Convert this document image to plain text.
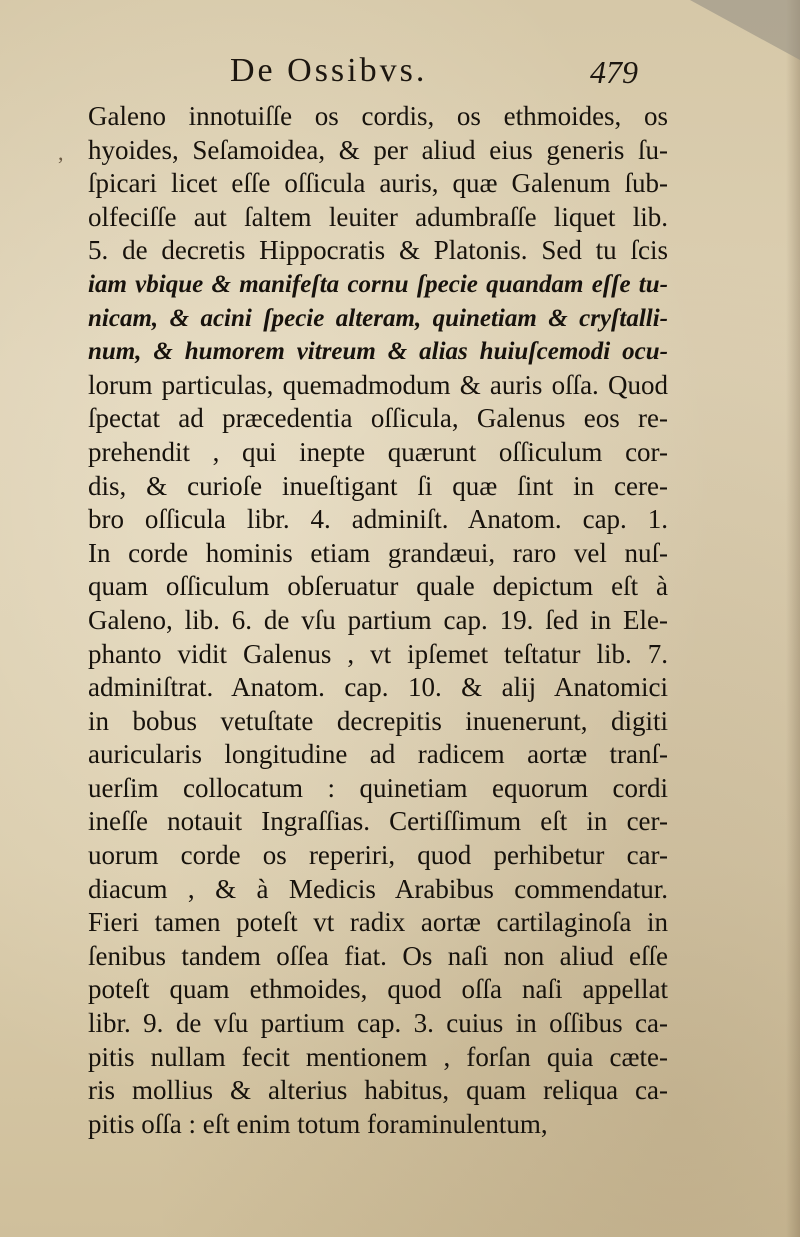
De Ossibvs.	479
,
Galeno innotuiſſe os cordis, os ethmoides, os
hyoides, Seſamoidea, & per aliud eius generis ſu-
ſpicari licet eſſe oſſicula auris, quæ Galenum ſub-
olfeciſſe aut ſaltem leuiter adumbraſſe liquet lib.
5. de decretis Hippocratis & Platonis. Sed tu ſcis
iam vbique & manifeſta cornu ſpecie quandam eſſe tu-
nicam, & acini ſpecie alteram, quinetiam & cryſtalli-
num, & humorem vitreum & alias huiuſcemodi ocu-
lorum particulas, quemadmodum & auris oſſa. Quod
ſpectat ad præcedentia oſſicula, Galenus eos re-
prehendit , qui inepte quærunt oſſiculum cor-
dis, & curioſe inueſtigant ſi quæ ſint in cere-
bro oſſicula libr. 4. adminiſt. Anatom. cap. 1.
In corde hominis etiam grandæui, raro vel nuſ-
quam oſſiculum obſeruatur quale depictum eſt à
Galeno, lib. 6. de vſu partium cap. 19. ſed in Ele-
phanto vidit Galenus , vt ipſemet teſtatur lib. 7.
adminiſtrat. Anatom. cap. 10. & alij Anatomici
in bobus vetuſtate decrepitis inuenerunt, digiti
auricularis longitudine ad radicem aortæ tranſ-
uerſim collocatum : quinetiam equorum cordi
ineſſe notauit Ingraſſias. Certiſſimum eſt in cer-
uorum corde os reperiri, quod perhibetur car-
diacum , & à Medicis Arabibus commendatur.
Fieri tamen poteſt vt radix aortæ cartilaginoſa in
ſenibus tandem oſſea fiat. Os naſi non aliud eſſe
poteſt quam ethmoides, quod oſſa naſi appellat
libr. 9. de vſu partium cap. 3. cuius in oſſibus ca-
pitis nullam fecit mentionem , forſan quia cæte-
ris mollius & alterius habitus, quam reliqua ca-
pitis oſſa : eſt enim totum foraminulentum,
